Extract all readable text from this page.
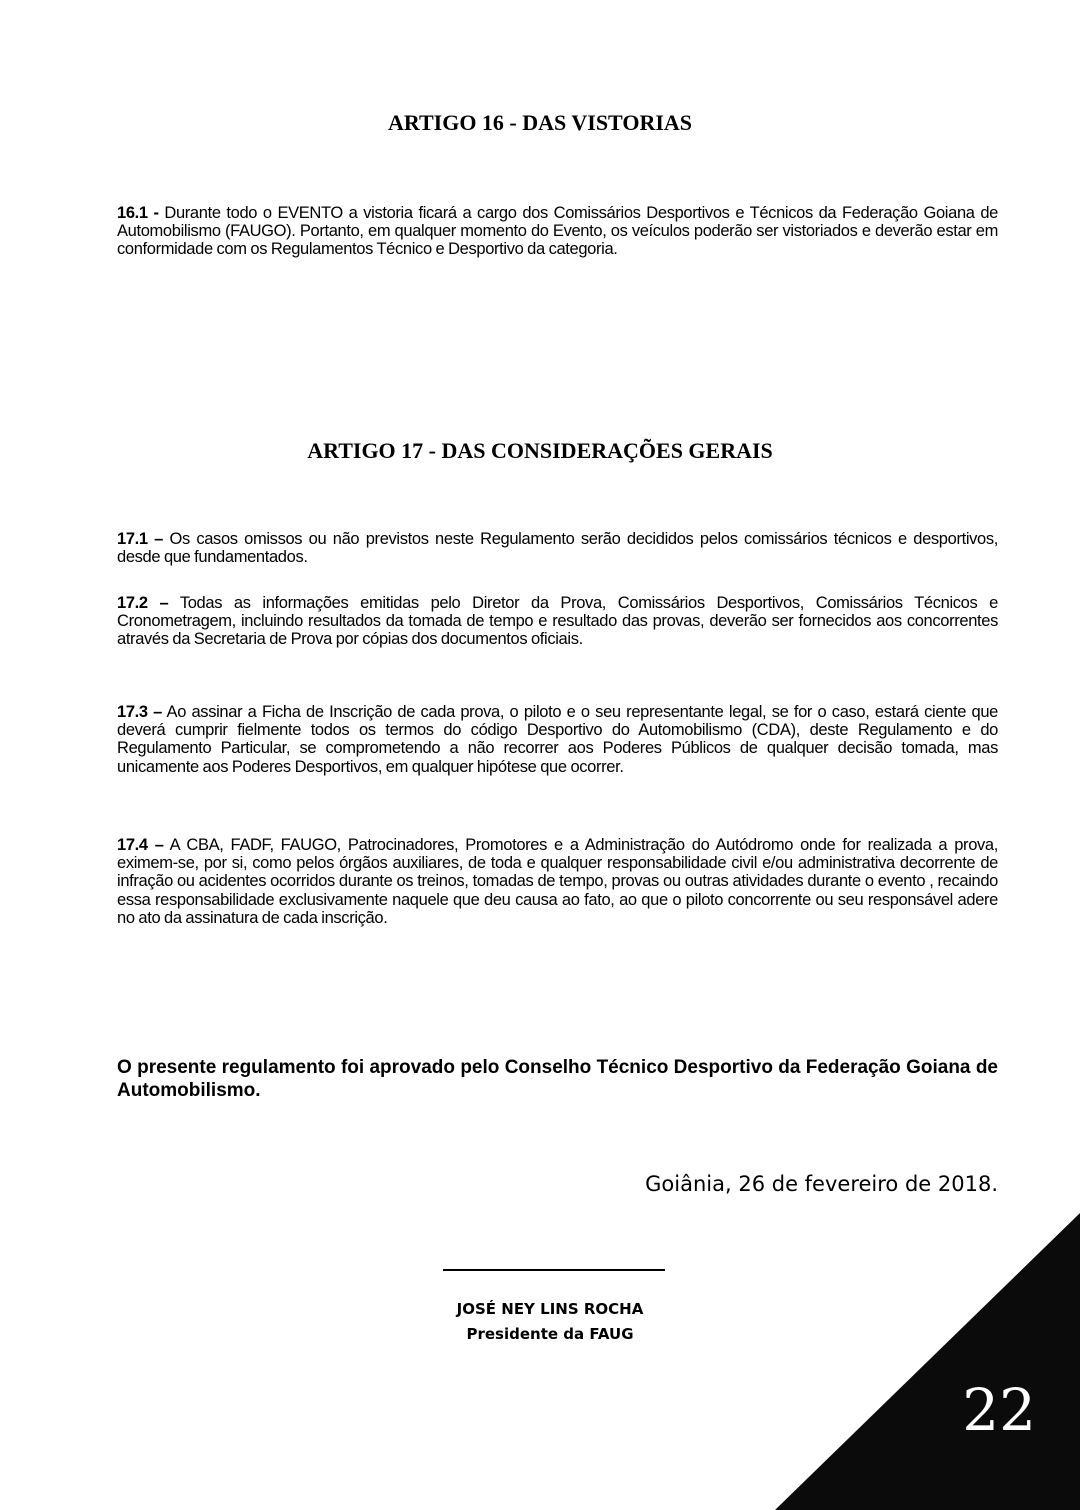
ARTIGO 16 - DAS VISTORIAS
16.1 - Durante todo o EVENTO a vistoria ficará a cargo dos Comissários Desportivos e Técnicos da Federação Goiana de Automobilismo (FAUGO). Portanto, em qualquer momento do Evento, os veículos poderão ser vistoriados e deverão estar em conformidade com os Regulamentos Técnico e Desportivo da categoria.
ARTIGO 17 - DAS CONSIDERAÇÕES GERAIS
17.1 – Os casos omissos ou não previstos neste Regulamento serão decididos pelos comissários técnicos e desportivos, desde que fundamentados.
17.2 – Todas as informações emitidas pelo Diretor da Prova, Comissários Desportivos, Comissários Técnicos e Cronometragem, incluindo resultados da tomada de tempo e resultado das provas, deverão ser fornecidos aos concorrentes através da Secretaria de Prova por cópias dos documentos oficiais.
17.3 – Ao assinar a Ficha de Inscrição de cada prova, o piloto e o seu representante legal, se for o caso, estará ciente que deverá cumprir fielmente todos os termos do código Desportivo do Automobilismo (CDA), deste Regulamento e do Regulamento Particular, se comprometendo a não recorrer aos Poderes Públicos de qualquer decisão tomada, mas unicamente aos Poderes Desportivos, em qualquer hipótese que ocorrer.
17.4 – A CBA, FADF, FAUGO, Patrocinadores, Promotores e a Administração do Autódromo onde for realizada a prova, eximem-se, por si, como pelos órgãos auxiliares, de toda e qualquer responsabilidade civil e/ou administrativa decorrente de infração ou acidentes ocorridos durante os treinos, tomadas de tempo, provas ou outras atividades durante o evento , recaindo essa responsabilidade exclusivamente naquele que deu causa ao fato, ao que o piloto concorrente ou seu responsável adere no ato da assinatura de cada inscrição.
O presente regulamento foi aprovado pelo Conselho Técnico Desportivo da Federação Goiana de Automobilismo.
Goiânia, 26 de fevereiro de 2018.
JOSÉ NEY LINS ROCHA
Presidente da FAUG
22
